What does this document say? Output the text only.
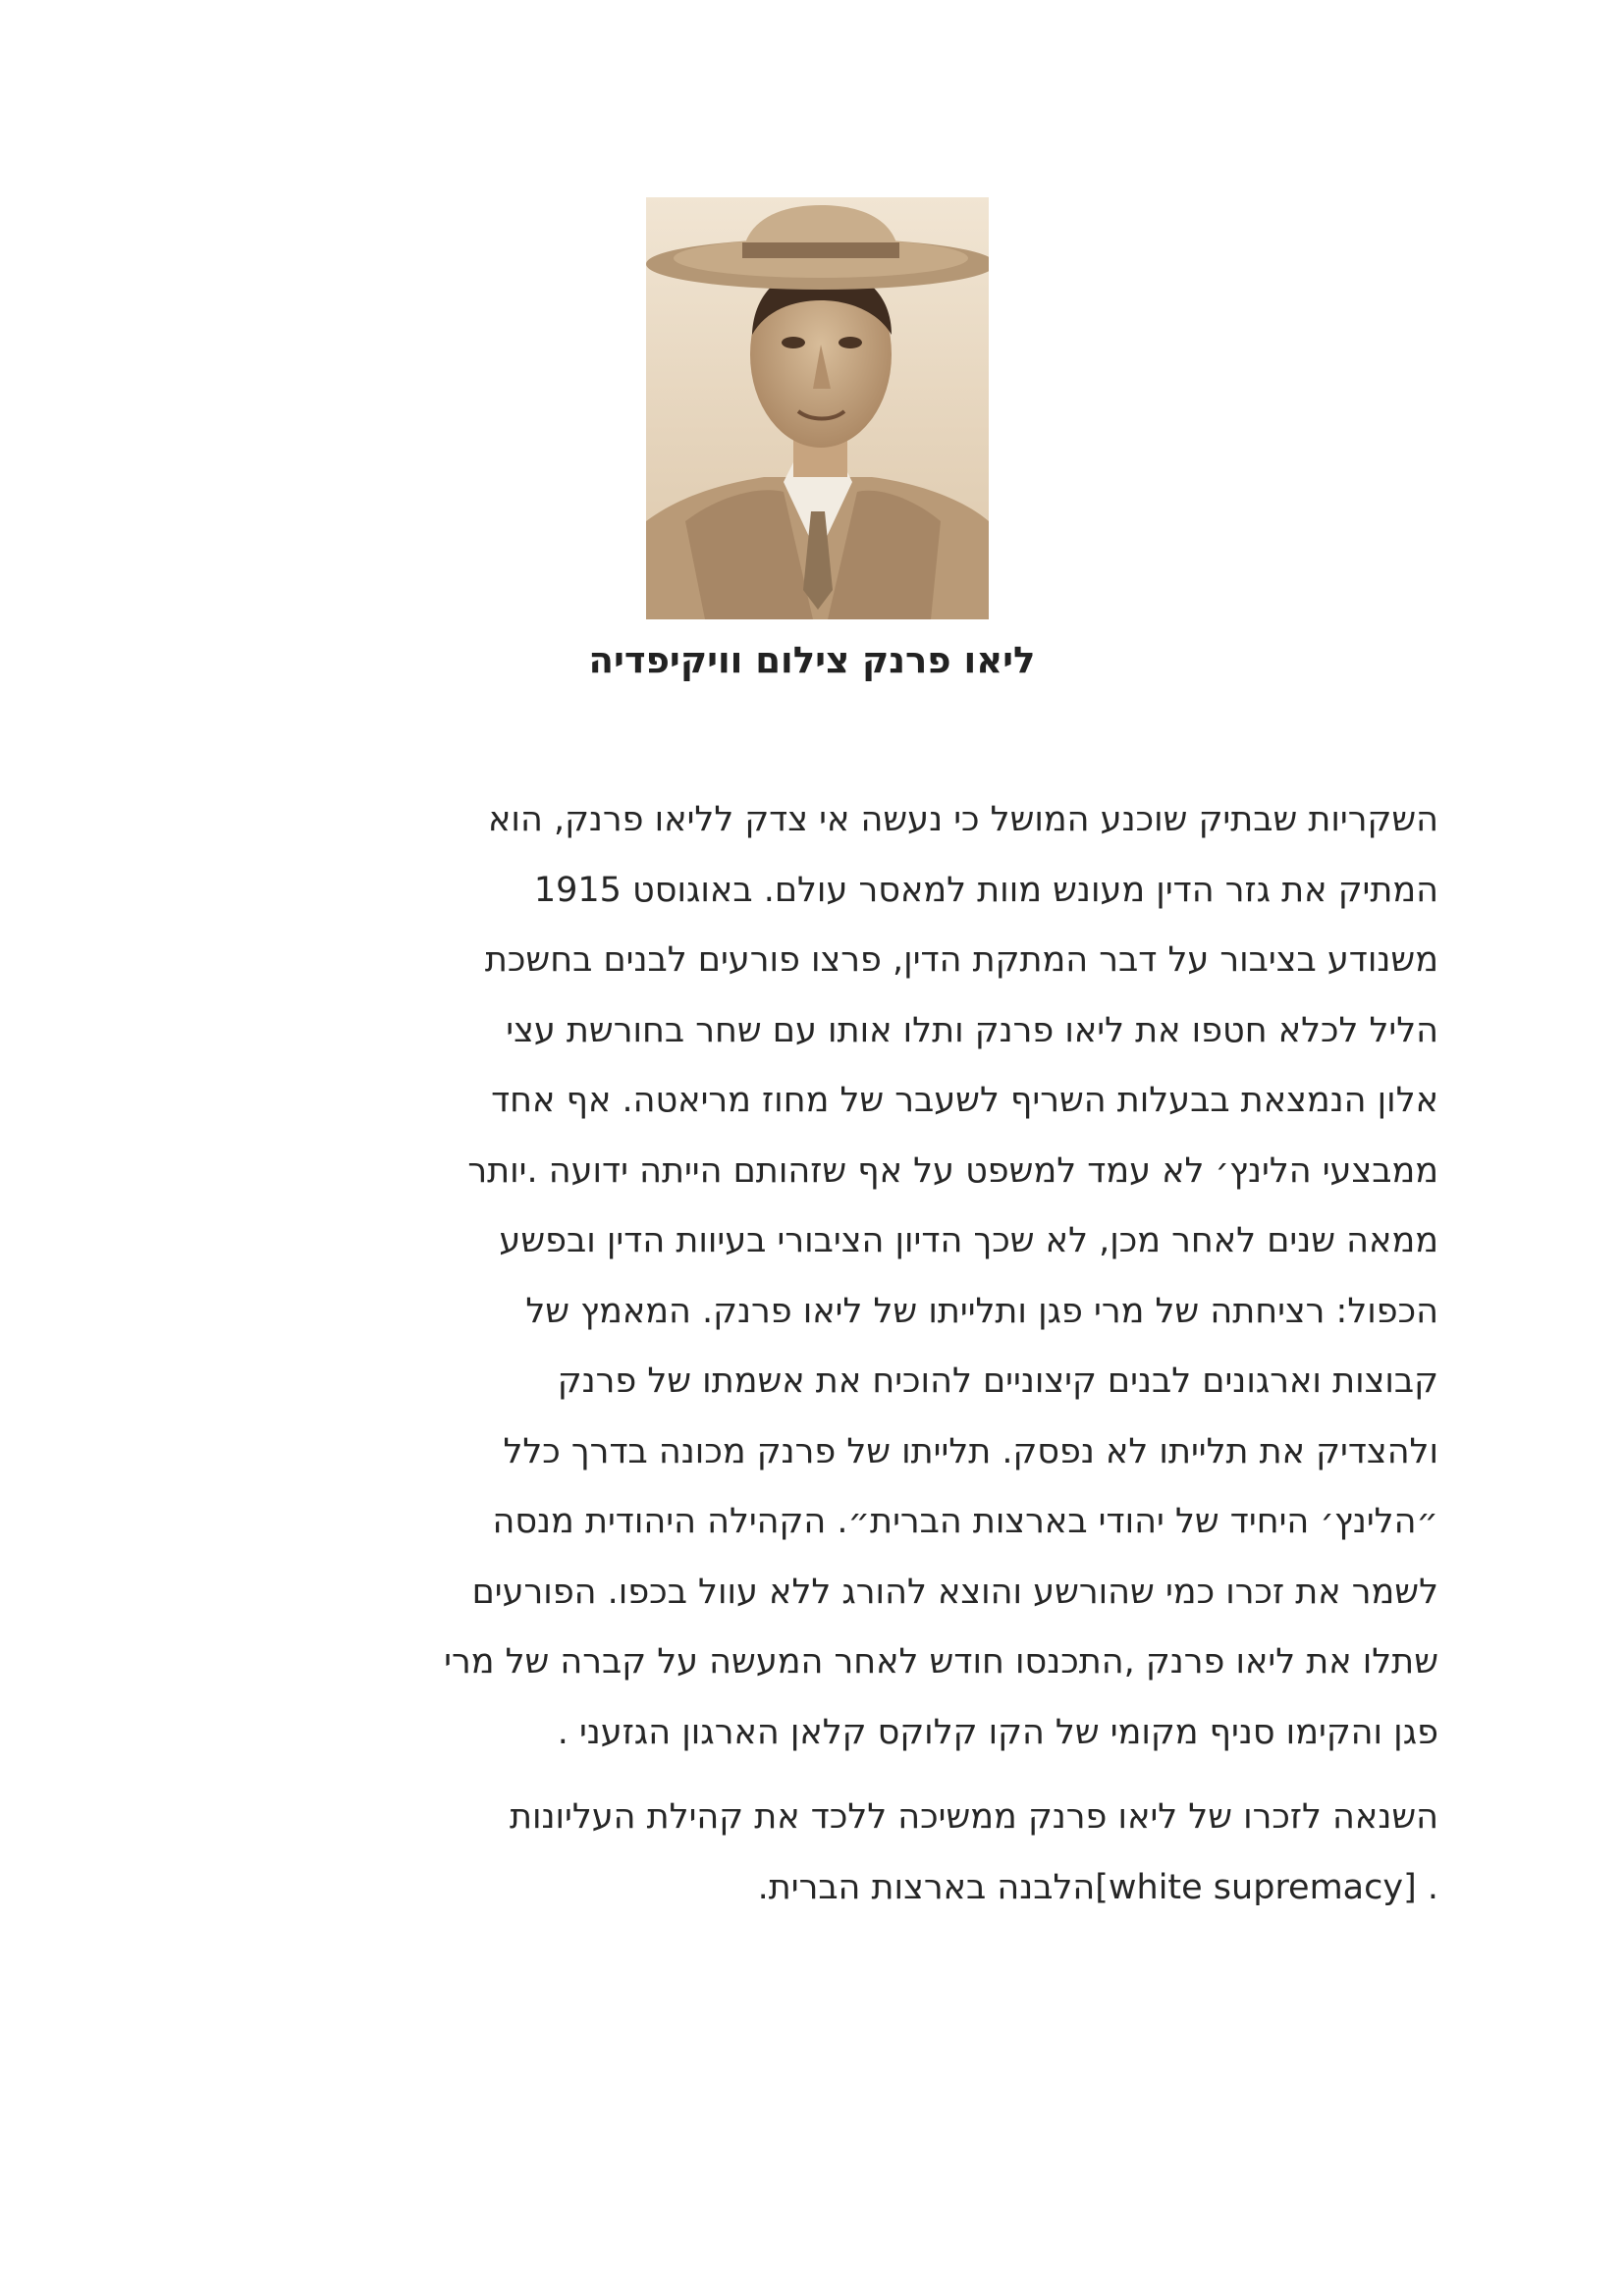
ליאו פרנק צילום וויקיפדיה
השקריות שבתיק שוכנע המושל כי נעשה אי צדק לליאו פרנק, הוא
המתיק את גזר הדין מעונש מוות למאסר עולם. באוגוסט 1915
משנודע בציבור על דבר המתקת הדין, פרצו פורעים לבנים בחשכת
הליל לכלא חטפו את ליאו פרנק ותלו אותו עם שחר בחורשת עצי
אלון הנמצאת בבעלות השריף לשעבר של מחוז מריאטה. אף אחד
ממבצעי הלינץ׳ לא עמד למשפט על אף שזהותם הייתה ידועה .יותר
ממאה שנים לאחר מכן, לא שכך הדיון הציבורי בעיוות הדין ובפשע
הכפול: רציחתה של מרי פגן ותלייתו של ליאו פרנק. המאמץ של
קבוצות וארגונים לבנים קיצוניים להוכיח את אשמתו של פרנק
ולהצדיק את תלייתו לא נפסק. תלייתו של פרנק מכונה בדרך כלל
״הלינץ׳ היחיד של יהודי בארצות הברית״. הקהילה היהודית מנסה
לשמר את זכרו כמי שהורשע והוצא להורג ללא עוול בכפו. הפורעים
שתלו את ליאו פרנק ,התכנסו חודש לאחר המעשה על קברה של מרי
פגן והקימו סניף מקומי של הקו קלוקס קלאן הארגון הגזעני .
השנאה לזכרו של ליאו פרנק ממשיכה ללכד את קהילת העליונות
. [white supremacy]הלבנה בארצות הברית.
